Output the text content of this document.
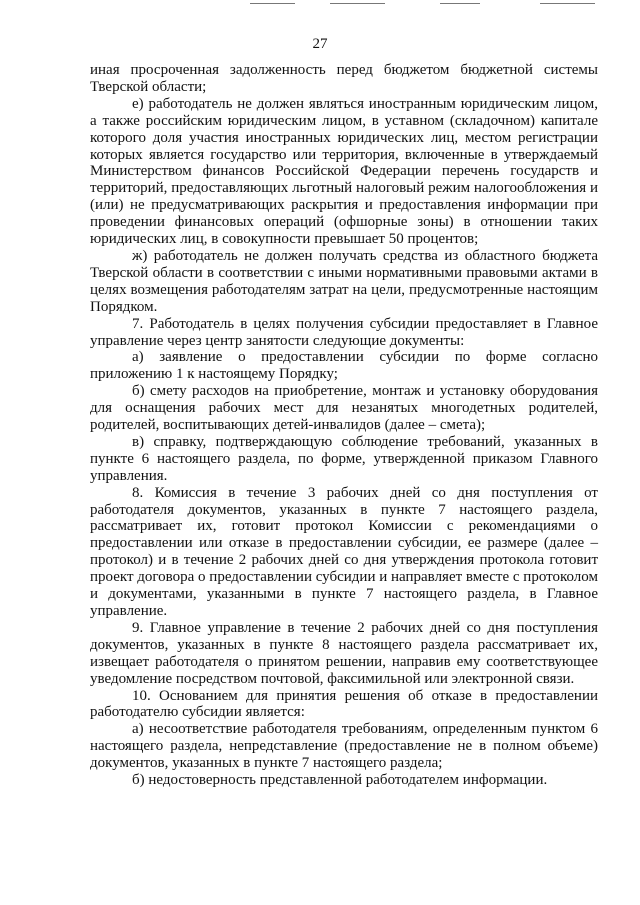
27

иная просроченная задолженность перед бюджетом бюджетной системы Тверской области;

е) работодатель не должен являться иностранным юридическим лицом, а также российским юридическим лицом, в уставном (складочном) капитале которого доля участия иностранных юридических лиц, местом регистрации которых является государство или территория, включенные в утверждаемый Министерством финансов Российской Федерации перечень государств и территорий, предоставляющих льготный налоговый режим налогообложения и (или) не предусматривающих раскрытия и предоставления информации при проведении финансовых операций (офшорные зоны) в отношении таких юридических лиц, в совокупности превышает 50 процентов;

ж) работодатель не должен получать средства из областного бюджета Тверской области в соответствии с иными нормативными правовыми актами в целях возмещения работодателям затрат на цели, предусмотренные настоящим Порядком.

7. Работодатель в целях получения субсидии предоставляет в Главное управление через центр занятости следующие документы:

а) заявление о предоставлении субсидии по форме согласно приложению 1 к настоящему Порядку;

б) смету расходов на приобретение, монтаж и установку оборудования для оснащения рабочих мест для незанятых многодетных родителей, родителей, воспитывающих детей-инвалидов (далее – смета);

в) справку, подтверждающую соблюдение требований, указанных в пункте 6 настоящего раздела, по форме, утвержденной приказом Главного управления.

8. Комиссия в течение 3 рабочих дней со дня поступления от работодателя документов, указанных в пункте 7 настоящего раздела, рассматривает их, готовит протокол Комиссии с рекомендациями о предоставлении или отказе в предоставлении субсидии, ее размере (далее – протокол) и в течение 2 рабочих дней со дня утверждения протокола готовит проект договора о предоставлении субсидии и направляет вместе с протоколом и документами, указанными в пункте 7 настоящего раздела, в Главное управление.

9. Главное управление в течение 2 рабочих дней со дня поступления документов, указанных в пункте 8 настоящего раздела рассматривает их, извещает работодателя о принятом решении, направив ему соответствующее уведомление посредством почтовой, факсимильной или электронной связи.

10. Основанием для принятия решения об отказе в предоставлении работодателю субсидии является:

а) несоответствие работодателя требованиям, определенным пунктом 6 настоящего раздела, непредставление (предоставление не в полном объеме) документов, указанных в пункте 7 настоящего раздела;

б) недостоверность представленной работодателем информации.
